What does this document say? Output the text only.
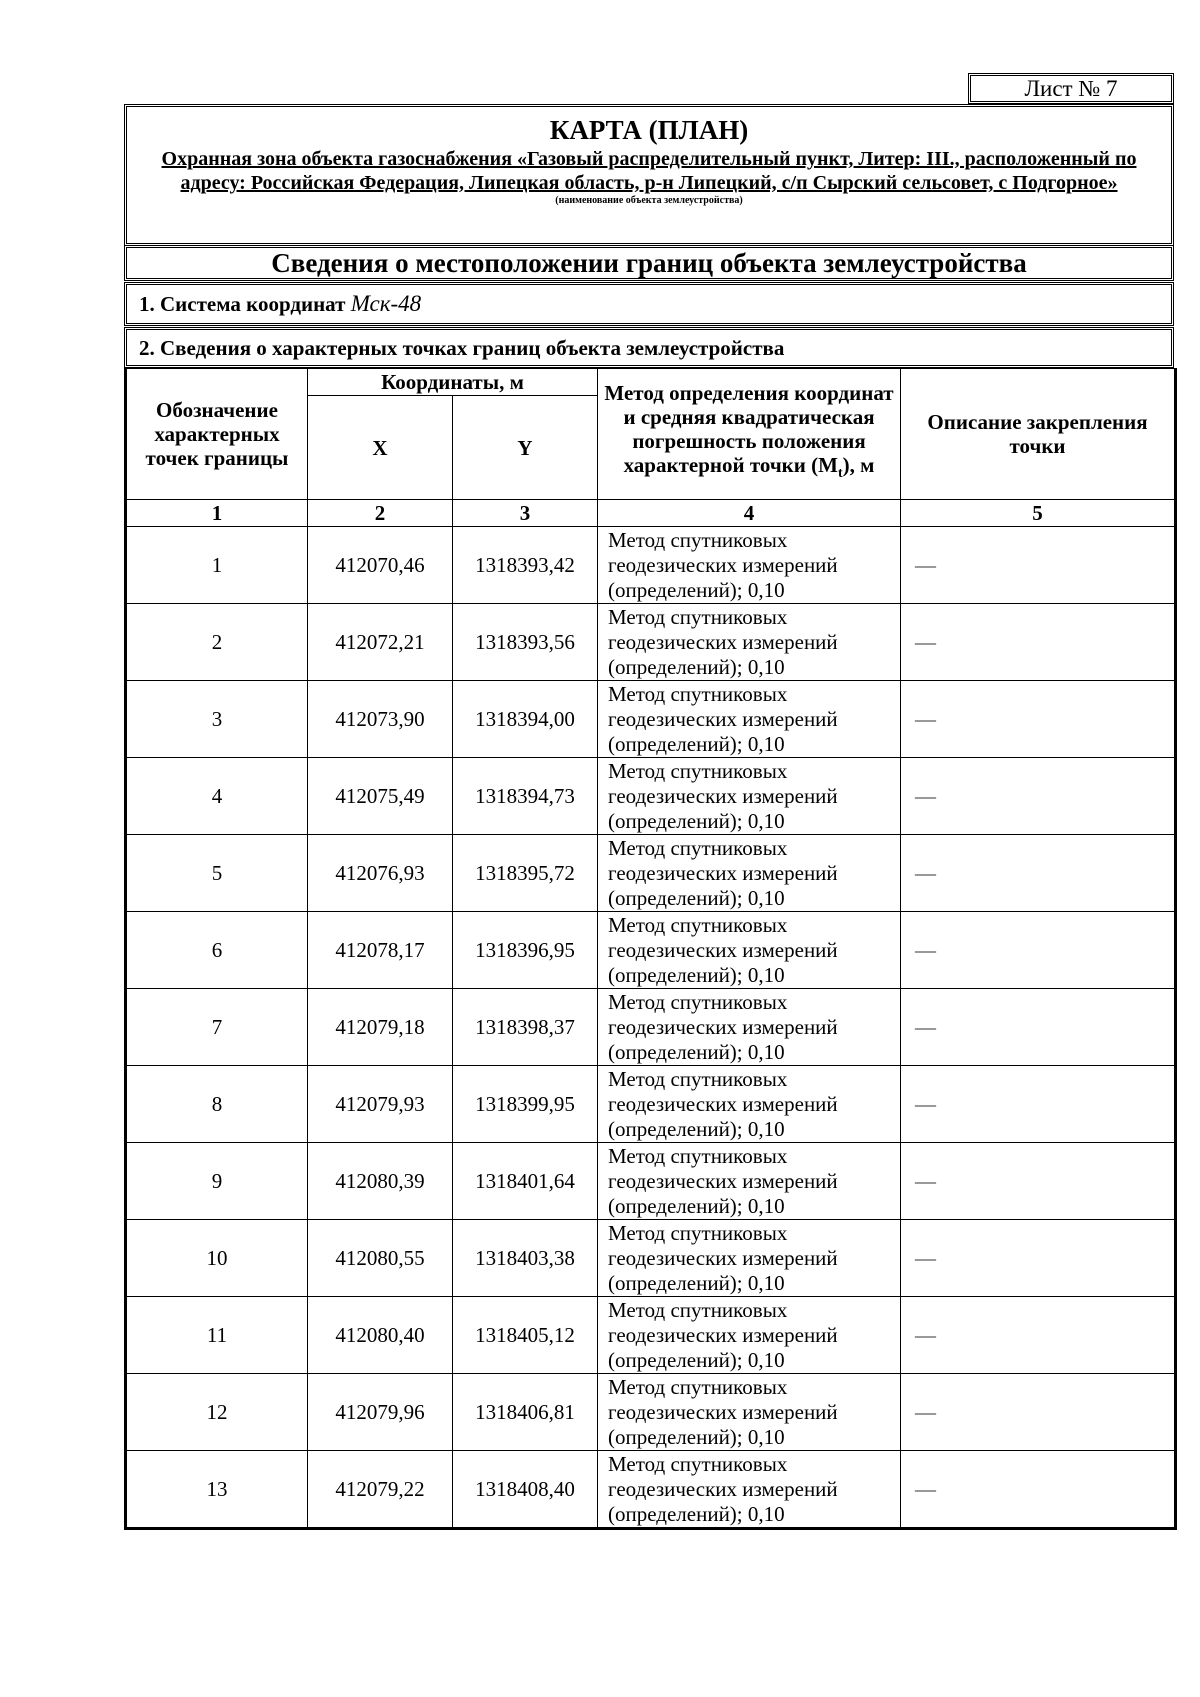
Лист № 7
КАРТА (ПЛАН)
Охранная зона объекта газоснабжения «Газовый распределительный пункт, Литер: III., расположенный по адресу: Российская Федерация, Липецкая область, р-н Липецкий, с/п Сырский сельсовет, с Подгорное»
(наименование объекта землеустройства)
Сведения о местоположении границ объекта землеустройства
1. Система координат Мск-48
2. Сведения о характерных точках границ объекта землеустройства
Обозначение характерных точек границы	Координаты, м		Метод определения координат и средняя квадратическая погрешность положения характерной точки $(M_t)$, м	Описание закрепления точки
	X	Y		
1	2	3	4	5
1	412070,46	1318393,42	Метод спутниковых геодезических измерений (определений); 0,10	—
2	412072,21	1318393,56	Метод спутниковых геодезических измерений (определений); 0,10	—
3	412073,90	1318394,00	Метод спутниковых геодезических измерений (определений); 0,10	—
4	412075,49	1318394,73	Метод спутниковых геодезических измерений (определений); 0,10	—
5	412076,93	1318395,72	Метод спутниковых геодезических измерений (определений); 0,10	—
6	412078,17	1318396,95	Метод спутниковых геодезических измерений (определений); 0,10	—
7	412079,18	1318398,37	Метод спутниковых геодезических измерений (определений); 0,10	—
8	412079,93	1318399,95	Метод спутниковых геодезических измерений (определений); 0,10	—
9	412080,39	1318401,64	Метод спутниковых геодезических измерений (определений); 0,10	—
10	412080,55	1318403,38	Метод спутниковых геодезических измерений (определений); 0,10	—
11	412080,40	1318405,12	Метод спутниковых геодезических измерений (определений); 0,10	—
12	412079,96	1318406,81	Метод спутниковых геодезических измерений (определений); 0,10	—
13	412079,22	1318408,40	Метод спутниковых геодезических измерений (определений); 0,10	—
